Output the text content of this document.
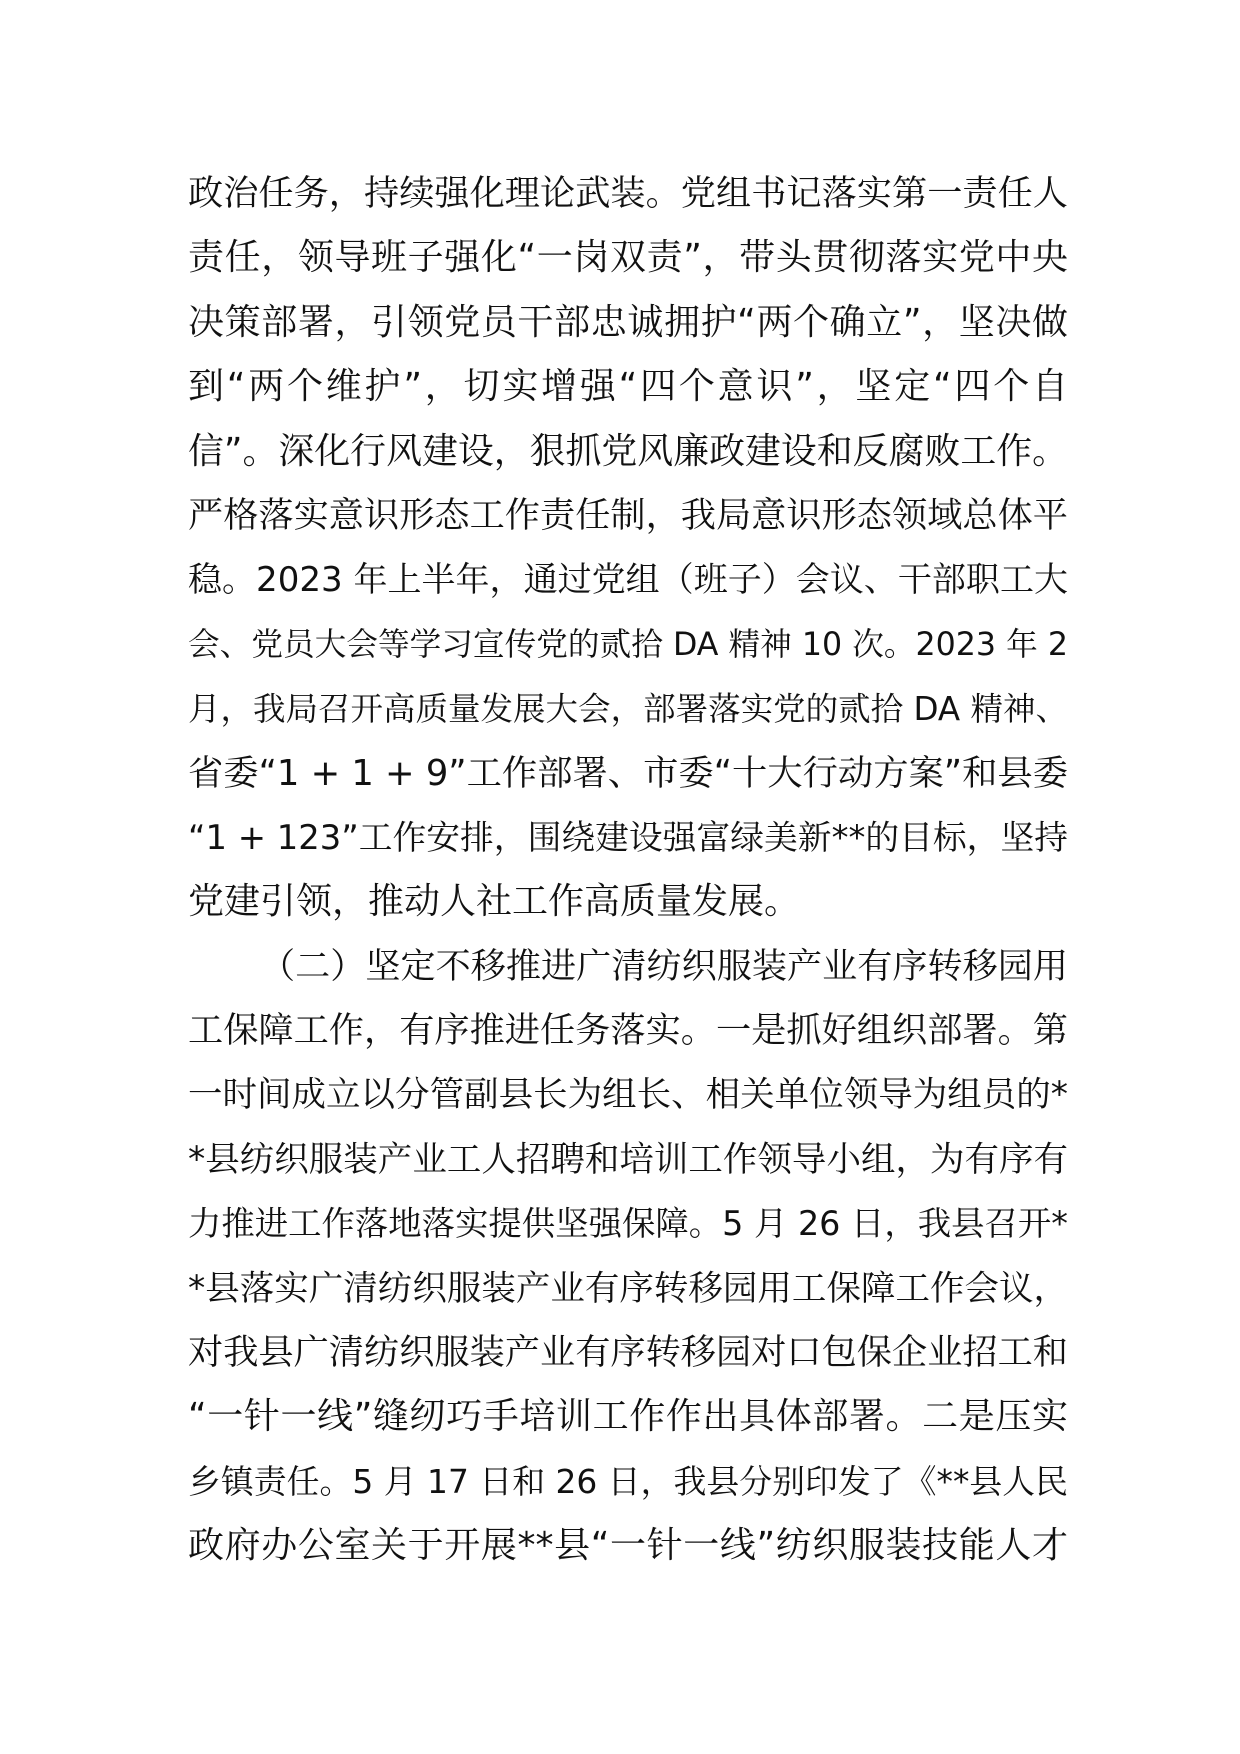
政治任务，持续强化理论武装。党组书记落实第一责任人
责任，领导班子强化“一岗双责”，带头贯彻落实党中央
决策部署，引领党员干部忠诚拥护“两个确立”，坚决做
到“两个维护”，切实增强“四个意识”，坚定“四个自
信”。深化行风建设，狠抓党风廉政建设和反腐败工作。
严格落实意识形态工作责任制，我局意识形态领域总体平
稳。2023 年上半年，通过党组（班子）会议、干部职工大
会、党员大会等学习宣传党的贰拾 DA 精神 10 次。2023 年 2
月，我局召开高质量发展大会，部署落实党的贰拾 DA 精神、
省委“1 + 1 + 9”工作部署、市委“十大行动方案”和县委
“1 + 123”工作安排，围绕建设强富绿美新**的目标，坚持
党建引领，推动人社工作高质量发展。
（二）坚定不移推进广清纺织服装产业有序转移园用
工保障工作，有序推进任务落实。一是抓好组织部署。第
一时间成立以分管副县长为组长、相关单位领导为组员的*
*县纺织服装产业工人招聘和培训工作领导小组，为有序有
力推进工作落地落实提供坚强保障。5 月 26 日，我县召开*
*县落实广清纺织服装产业有序转移园用工保障工作会议，
对我县广清纺织服装产业有序转移园对口包保企业招工和
“一针一线”缝纫巧手培训工作作出具体部署。二是压实
乡镇责任。5 月 17 日和 26 日，我县分别印发了《**县人民
政府办公室关于开展**县“一针一线”纺织服装技能人才
